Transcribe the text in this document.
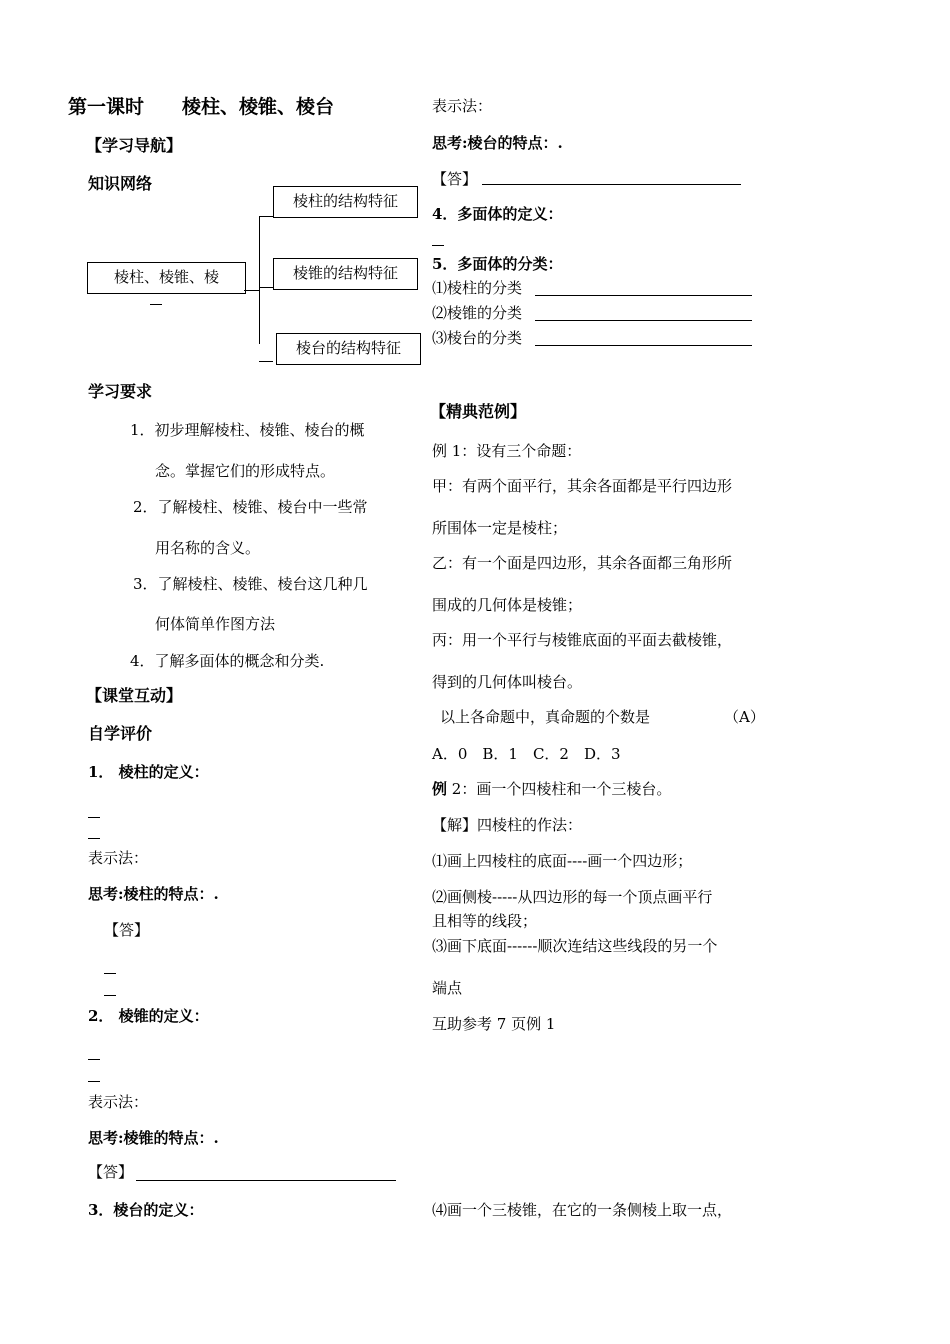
第一课时　　棱柱、棱锥、棱台
【学习导航】
知识网络
棱柱、棱锥、棱
棱柱的结构特征
棱锥的结构特征
棱台的结构特征
学习要求
1．初步理解棱柱、棱锥、棱台的概
念。掌握它们的形成特点。
2．了解棱柱、棱锥、棱台中一些常
用名称的含义。
3．了解棱柱、棱锥、棱台这几种几
何体简单作图方法
4．了解多面体的概念和分类.
【课堂互动】
自学评价
1． 棱柱的定义：
表示法：
思考:棱柱的特点：.
【答】
2． 棱锥的定义：
表示法：
思考:棱锥的特点：.
【答】
3．棱台的定义：
表示法：
思考:棱台的特点：.
【答】
4．多面体的定义：
5．多面体的分类：
⑴棱柱的分类
⑵棱锥的分类
⑶棱台的分类
【精典范例】
例 1：设有三个命题：
甲：有两个面平行，其余各面都是平行四边形
所围体一定是棱柱；
乙：有一个面是四边形，其余各面都三角形所
围成的几何体是棱锥；
丙：用一个平行与棱锥底面的平面去截棱锥，
得到的几何体叫棱台。
以上各命题中，真命题的个数是	（A）
A．0　B．1　C．2　D．3
例 2：画一个四棱柱和一个三棱台。
【解】四棱柱的作法：
⑴画上四棱柱的底面----画一个四边形；
⑵画侧棱-----从四边形的每一个顶点画平行
且相等的线段；
⑶画下底面------顺次连结这些线段的另一个
端点
互助参考 7 页例 1
⑷画一个三棱锥，在它的一条侧棱上取一点，
